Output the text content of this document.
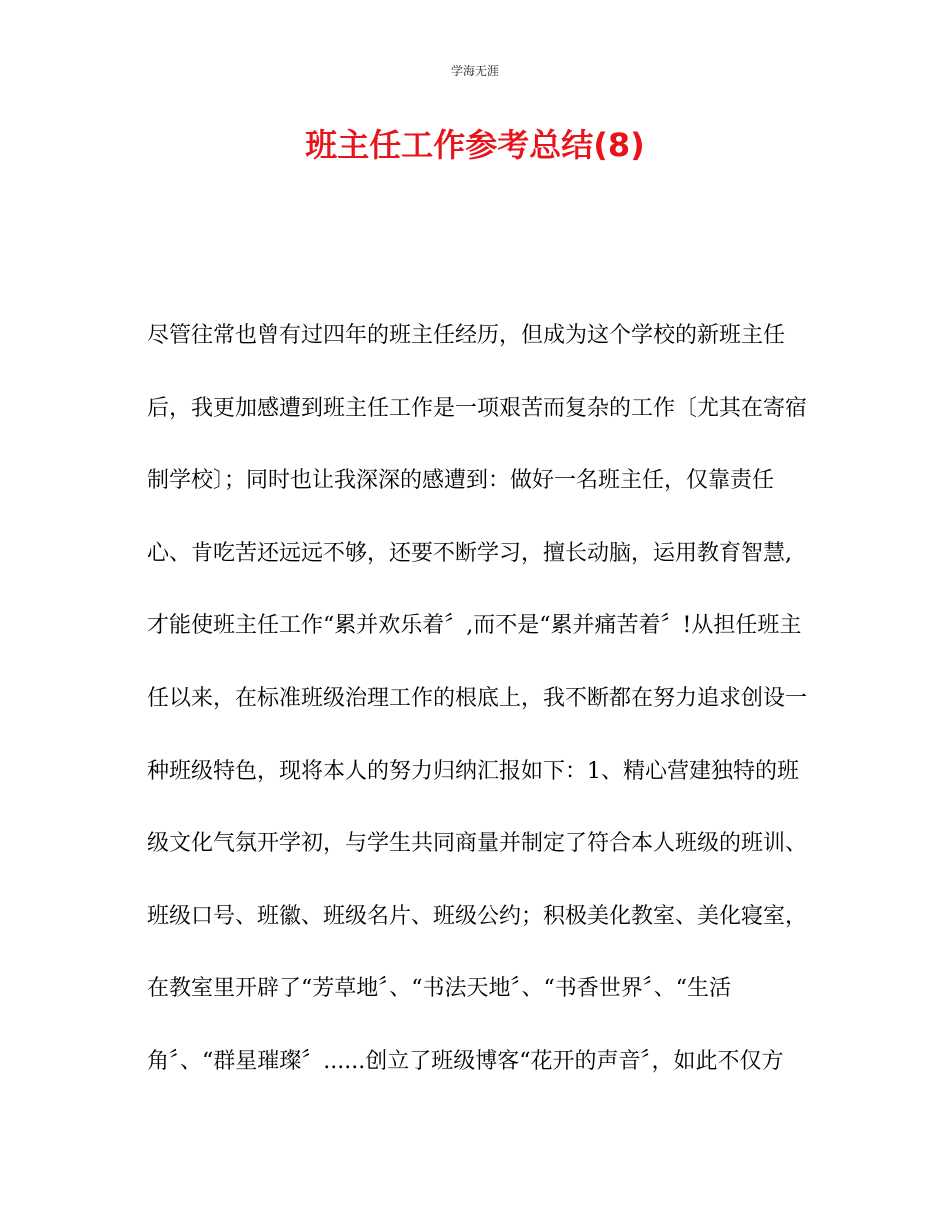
学海无涯
班主任工作参考总结(8)
尽管往常也曾有过四年的班主任经历，但成为这个学校的新班主任
后，我更加感遭到班主任工作是一项艰苦而复杂的工作〔尤其在寄宿
制学校〕；同时也让我深深的感遭到：做好一名班主任，仅靠责任
心、肯吃苦还远远不够，还要不断学习，擅长动脑，运用教育智慧,
才能使班主任工作“累并欢乐着〞,而不是“累并痛苦着〞!从担任班主
任以来，在标准班级治理工作的根底上，我不断都在努力追求创设一
种班级特色，现将本人的努力归纳汇报如下：1、精心营建独特的班
级文化气氛开学初，与学生共同商量并制定了符合本人班级的班训、
班级口号、班徽、班级名片、班级公约；积极美化教室、美化寝室，
在教室里开辟了“芳草地〞、“书法天地〞、“书香世界〞、“生活
角〞、“群星璀璨〞......创立了班级博客“花开的声音〞，如此不仅方
